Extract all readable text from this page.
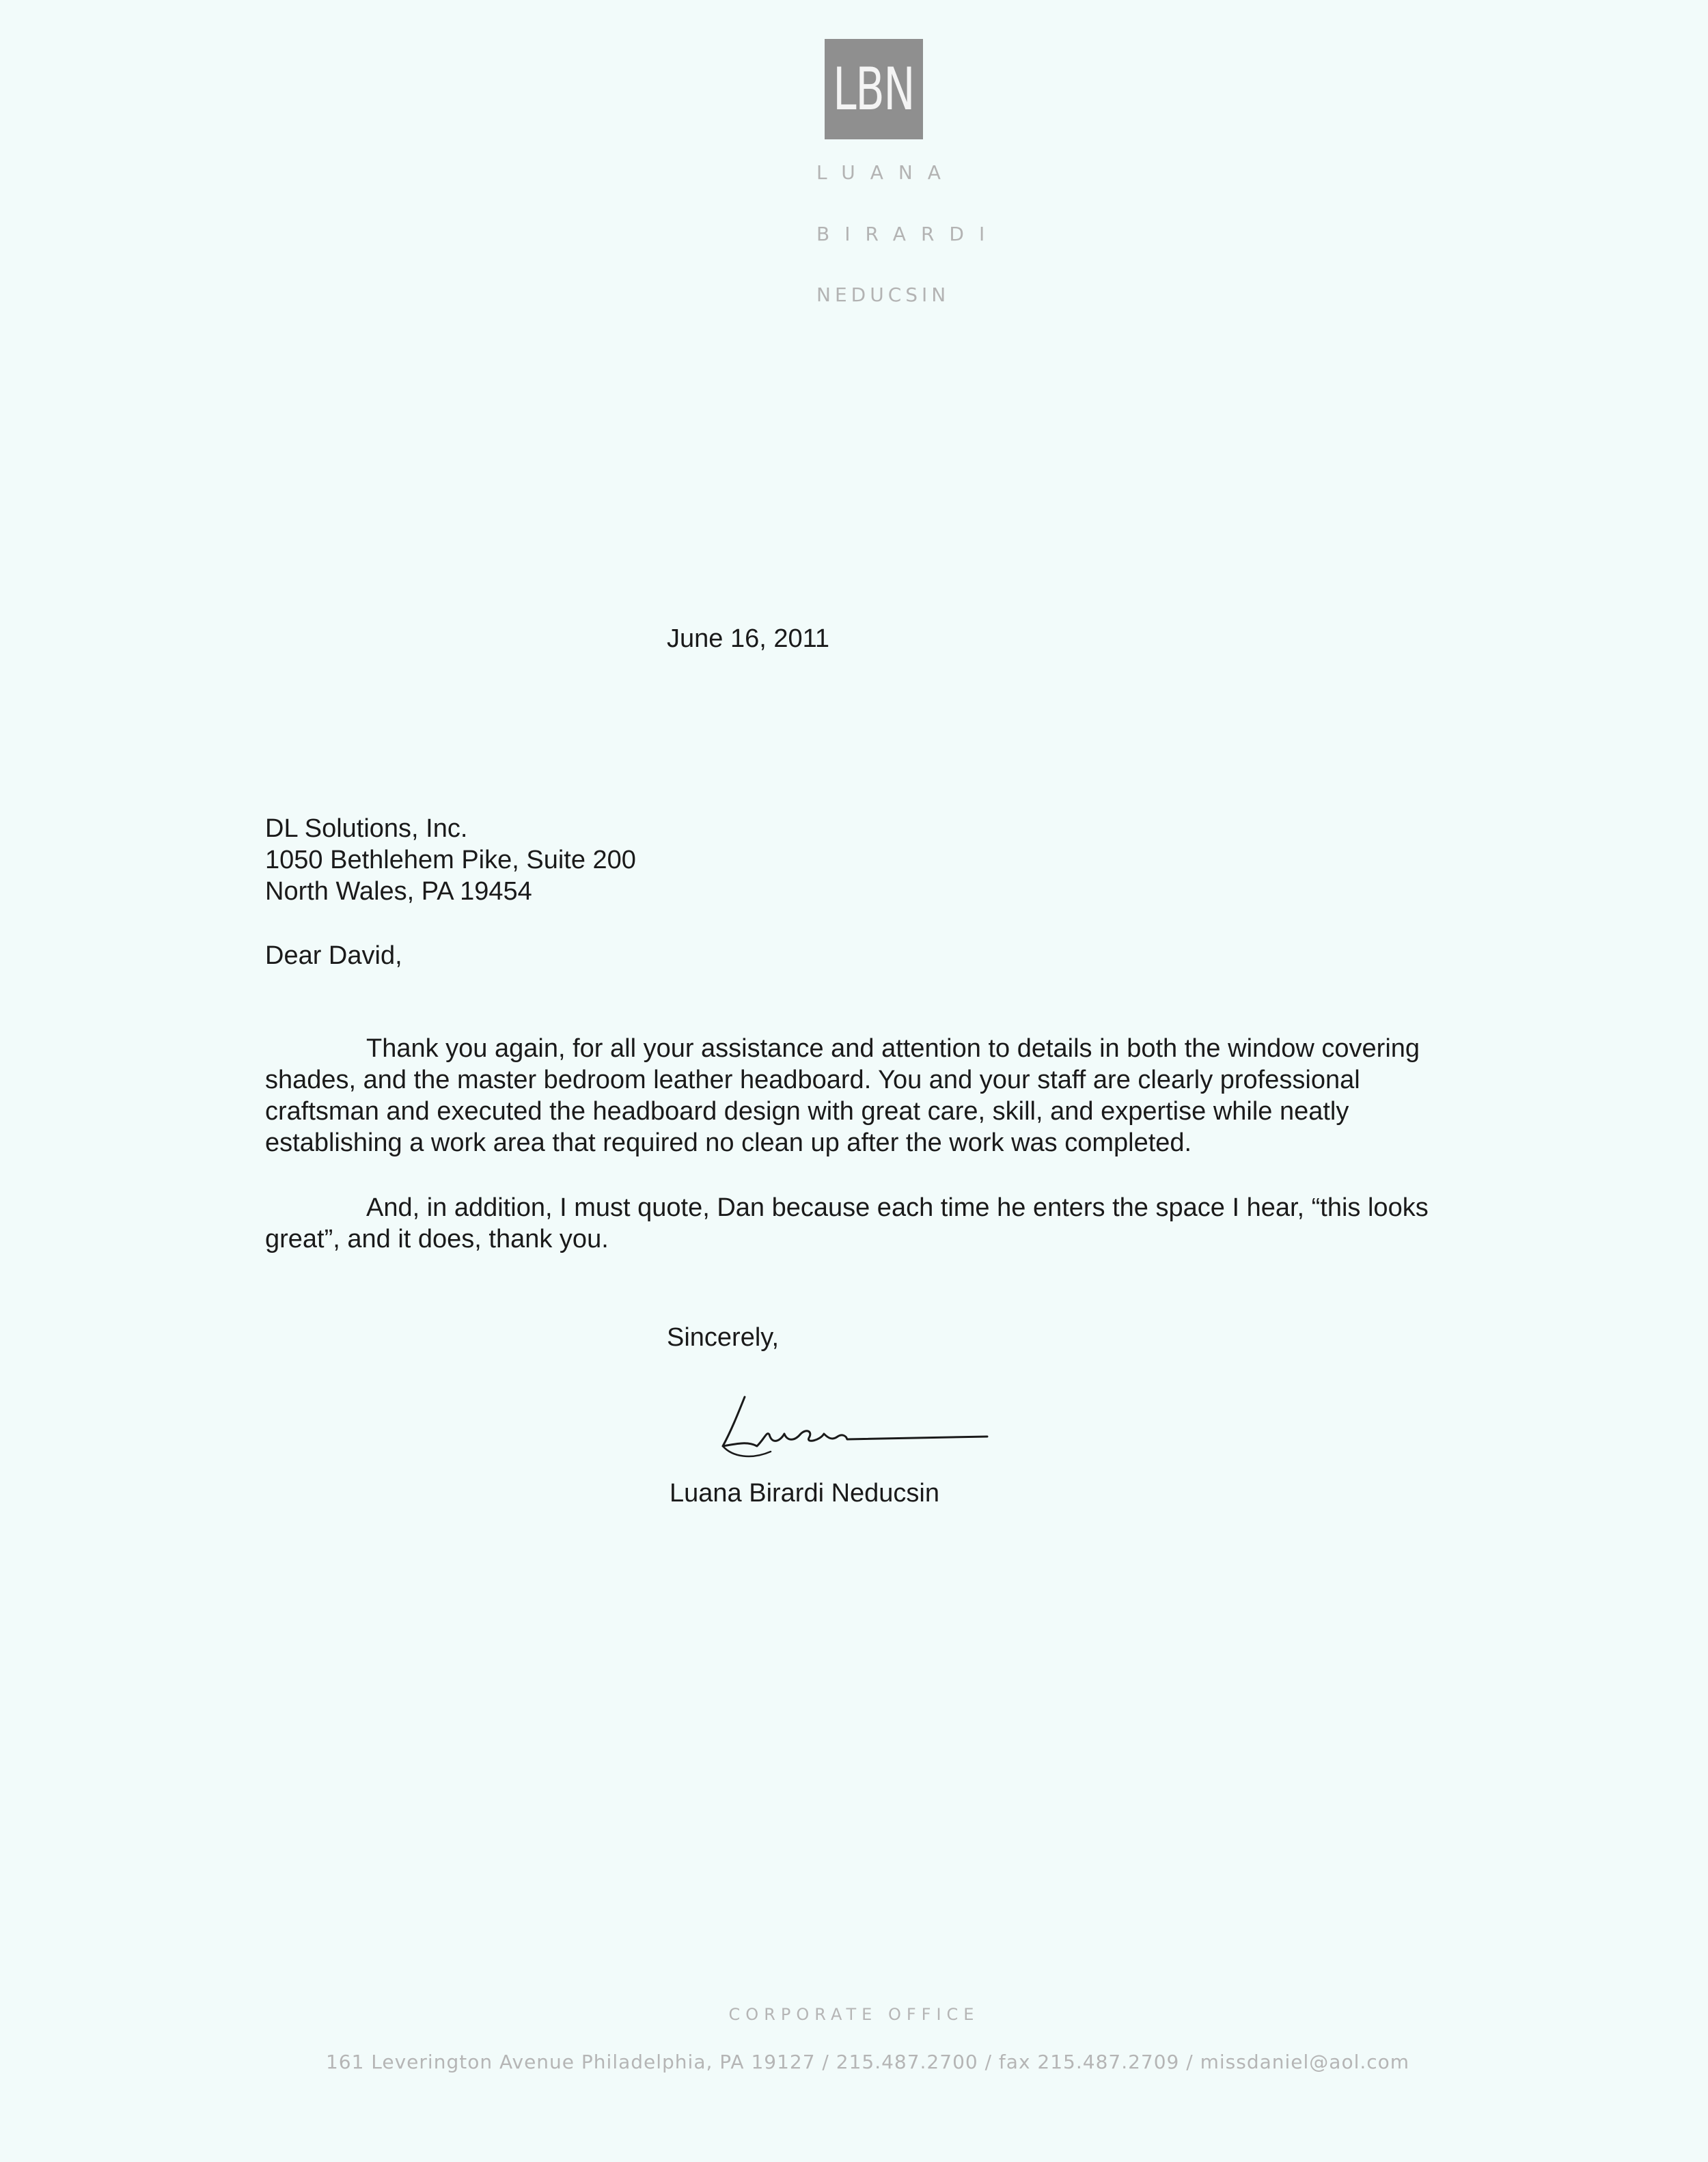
LBN
LUANA
BIRARDI
NEDUCSIN
June 16, 2011
DL Solutions, Inc.
1050 Bethlehem Pike, Suite 200
North Wales, PA 19454
Dear David,
Thank you again, for all your assistance and attention to details in both the window covering shades, and the master bedroom leather headboard. You and your staff are clearly professional craftsman and executed the headboard design with great care, skill, and expertise while neatly establishing a work area that required no clean up after the work was completed.
And, in addition, I must quote, Dan because each time he enters the space I hear, “this looks great”, and it does, thank you.
Sincerely,
Luana Birardi Neducsin
CORPORATE OFFICE
161 Leverington Avenue Philadelphia, PA 19127 / 215.487.2700 / fax 215.487.2709 / missdaniel@aol.com
